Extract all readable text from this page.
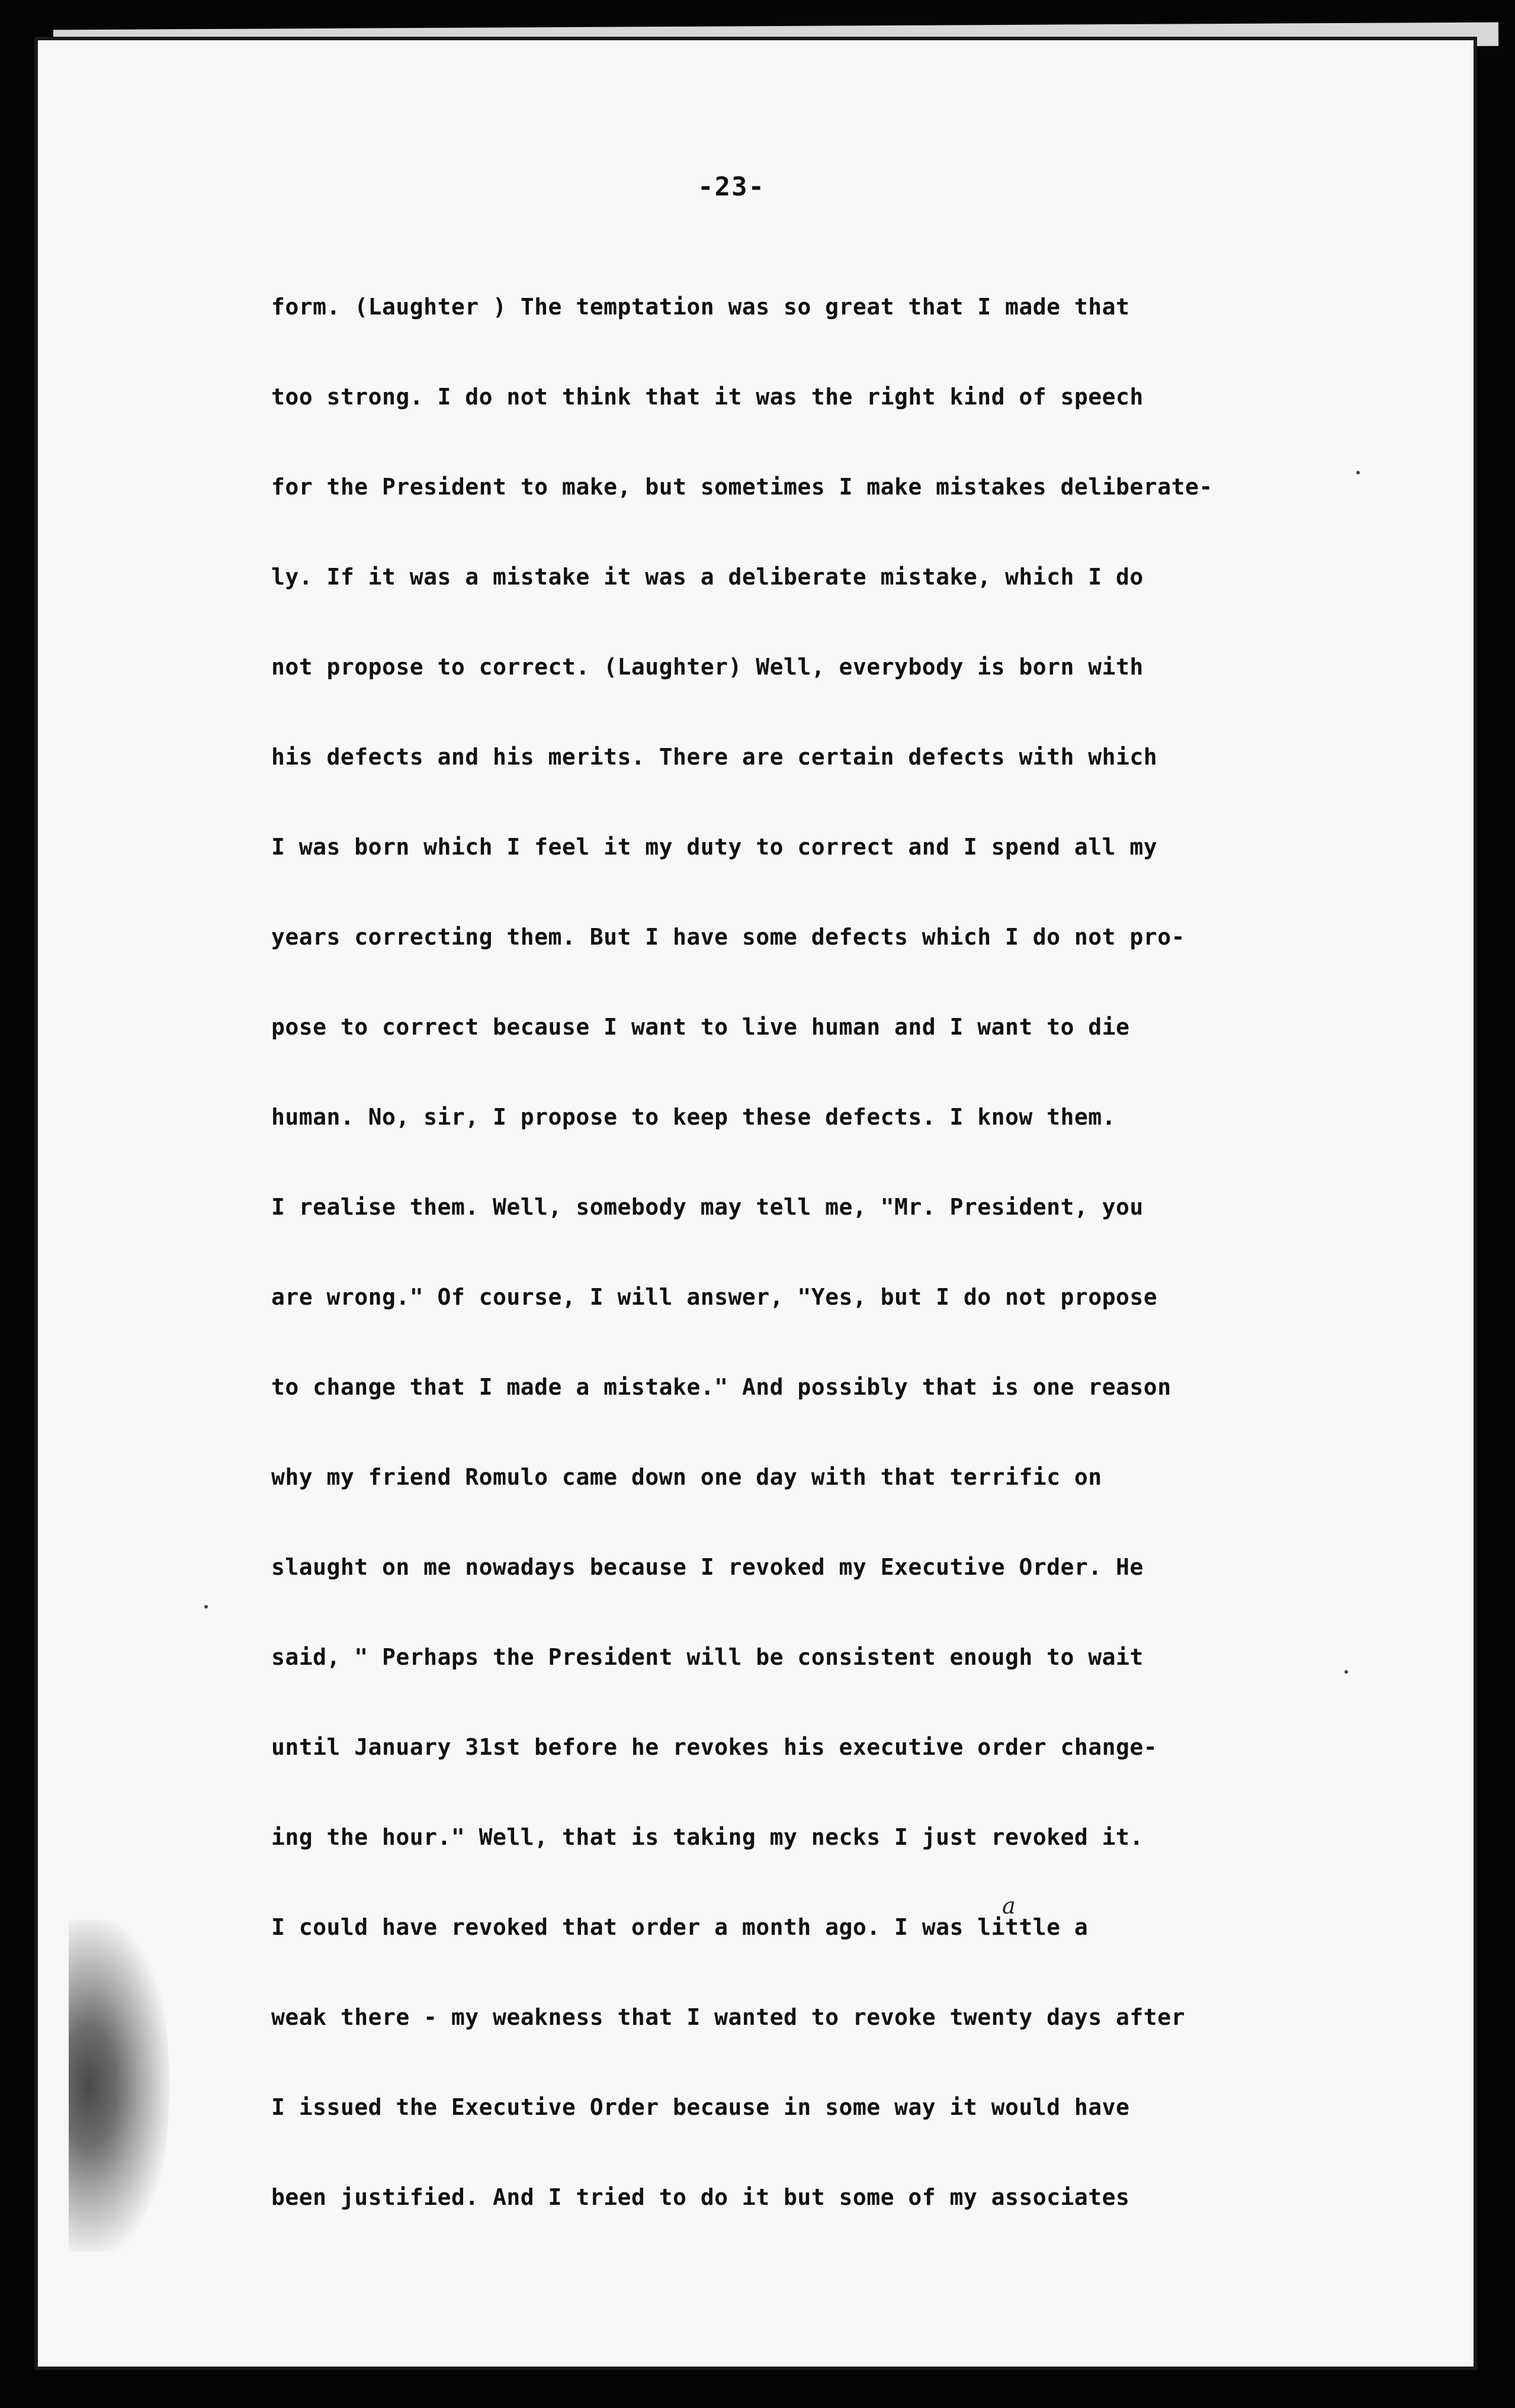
-23-
form. (Laughter ) The temptation was so great that I made that
too strong. I do not think that it was the right kind of speech
for the President to make, but sometimes I make mistakes deliberate-
ly. If it was a mistake it was a deliberate mistake, which I do
not propose to correct. (Laughter) Well, everybody is born with
his defects and his merits. There are certain defects with which
I was born which I feel it my duty to correct and I spend all my
years correcting them. But I have some defects which I do not pro-
pose to correct because I want to live human and I want to die
human. No, sir, I propose to keep these defects. I know them.
I realise them. Well, somebody may tell me, "Mr. President, you
are wrong." Of course, I will answer, "Yes, but I do not propose
to change that I made a mistake." And possibly that is one reason
why my friend Romulo came down one day with that terrific on
slaught on me nowadays because I revoked my Executive Order. He
said, " Perhaps the President will be consistent enough to wait
until January 31st before he revokes his executive order change-
ing the hour." Well, that is taking my necks I just revoked it.
I could have revoked that order a month ago. I was little a
weak there - my weakness that I wanted to revoke twenty days after
I issued the Executive Order because in some way it would have
been justified. And I tried to do it but some of my associates
a
